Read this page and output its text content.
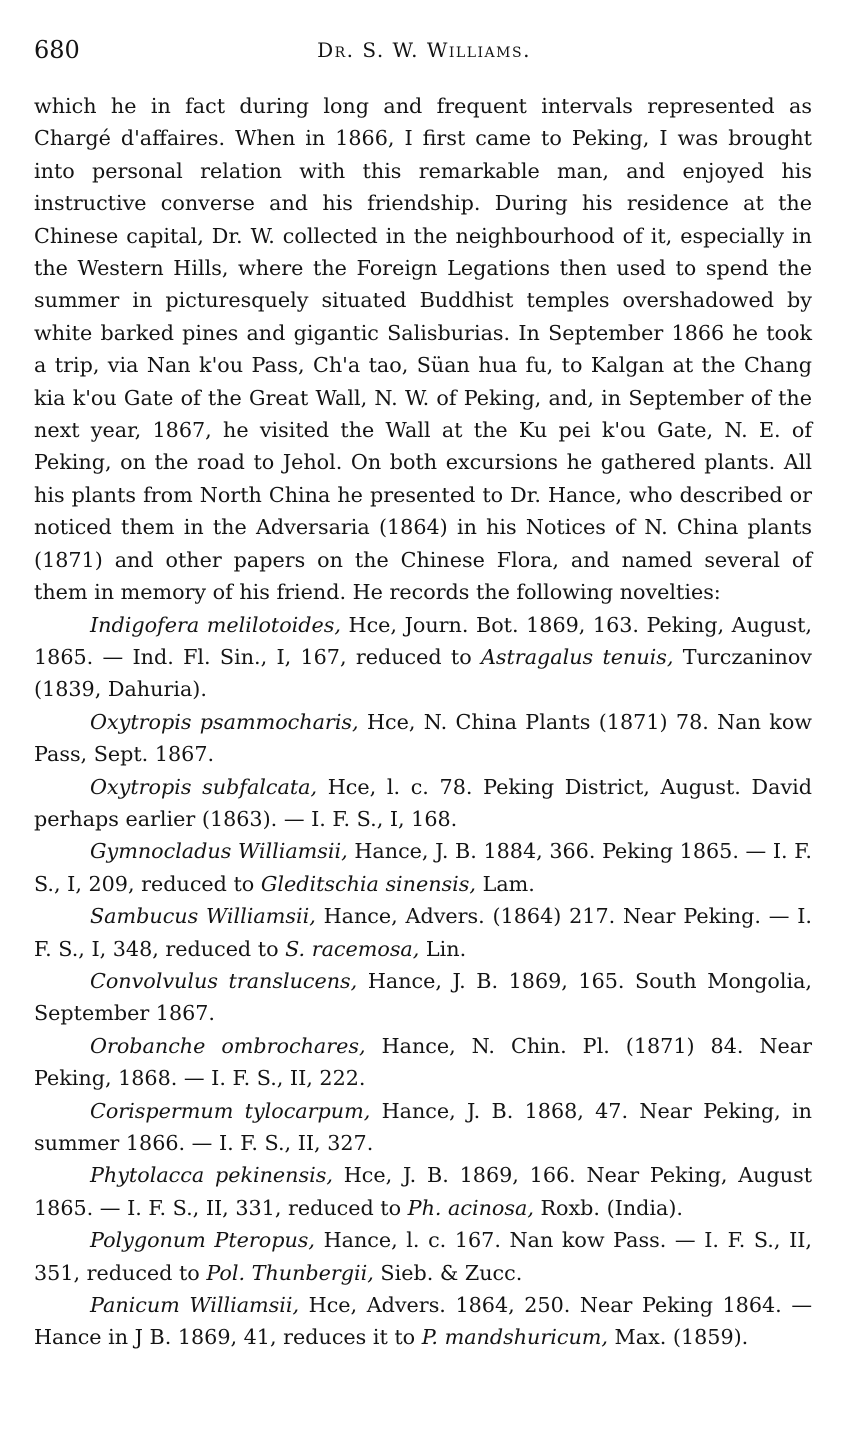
680	Dr. S. W. Williams.

which he in fact during long and frequent intervals represented as Chargé d'affaires. When in 1866, I first came to Peking, I was brought into personal relation with this remarkable man, and enjoyed his instructive converse and his friendship. During his residence at the Chinese capital, Dr. W. collected in the neighbourhood of it, especially in the Western Hills, where the Foreign Legations then used to spend the summer in picturesquely situated Buddhist temples overshadowed by white barked pines and gigantic Salisburias. In September 1866 he took a trip, via Nan k'ou Pass, Ch'a tao, Süan hua fu, to Kalgan at the Chang kia k'ou Gate of the Great Wall, N. W. of Peking, and, in September of the next year, 1867, he visited the Wall at the Ku pei k'ou Gate, N. E. of Peking, on the road to Jehol. On both excursions he gathered plants. All his plants from North China he presented to Dr. Hance, who described or noticed them in the Adversaria (1864) in his Notices of N. China plants (1871) and other papers on the Chinese Flora, and named several of them in memory of his friend. He records the following novelties:

Indigofera melilotoides, Hce, Journ. Bot. 1869, 163. Peking, August, 1865. — Ind. Fl. Sin., I, 167, reduced to Astragalus tenuis, Turczaninov (1839, Dahuria).

Oxytropis psammocharis, Hce, N. China Plants (1871) 78. Nan kow Pass, Sept. 1867.

Oxytropis subfalcata, Hce, l. c. 78. Peking District, August. David perhaps earlier (1863). — I. F. S., I, 168.

Gymnocladus Williamsii, Hance, J. B. 1884, 366. Peking 1865. — I. F. S., I, 209, reduced to Gleditschia sinensis, Lam.

Sambucus Williamsii, Hance, Advers. (1864) 217. Near Peking. — I. F. S., I, 348, reduced to S. racemosa, Lin.

Convolvulus translucens, Hance, J. B. 1869, 165. South Mongolia, September 1867.

Orobanche ombrochares, Hance, N. Chin. Pl. (1871) 84. Near Peking, 1868. — I. F. S., II, 222.

Corispermum tylocarpum, Hance, J. B. 1868, 47. Near Peking, in summer 1866. — I. F. S., II, 327.

Phytolacca pekinensis, Hce, J. B. 1869, 166. Near Peking, August 1865. — I. F. S., II, 331, reduced to Ph. acinosa, Roxb. (India).

Polygonum Pteropus, Hance, l. c. 167. Nan kow Pass. — I. F. S., II, 351, reduced to Pol. Thunbergii, Sieb. & Zucc.

Panicum Williamsii, Hce, Advers. 1864, 250. Near Peking 1864. — Hance in J B. 1869, 41, reduces it to P. mandshuricum, Max. (1859).
